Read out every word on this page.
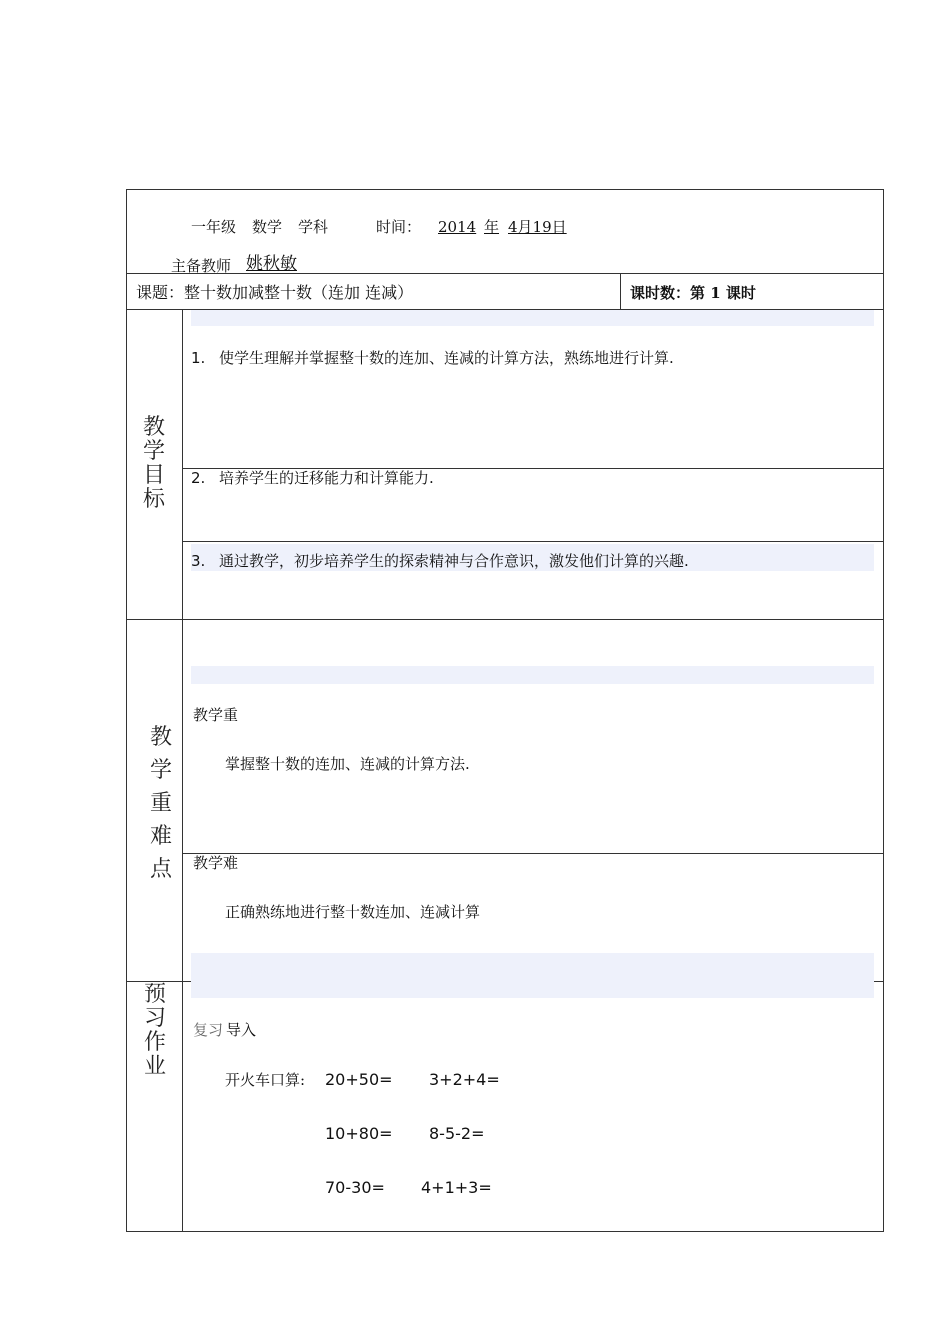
一年级 数学 学科	时间： 2014 年 4月19日
主备教师 姚秋敏
课题：整十数加减整十数（连加 连减）	课时数：第 1 课时
教
学
目
标
1. 使学生理解并掌握整十数的连加、连减的计算方法，熟练地进行计算.
2. 培养学生的迁移能力和计算能力.
3. 通过教学，初步培养学生的探索精神与合作意识，激发他们计算的兴趣.
教
学
重
难
点
教学重
掌握整十数的连加、连减的计算方法.
教学难
正确熟练地进行整十数连加、连减计算
预
习
作
业
复习 导入
开火车口算: 20+50= 3+2+4=
10+80= 8-5-2=
70-30= 4+1+3=
